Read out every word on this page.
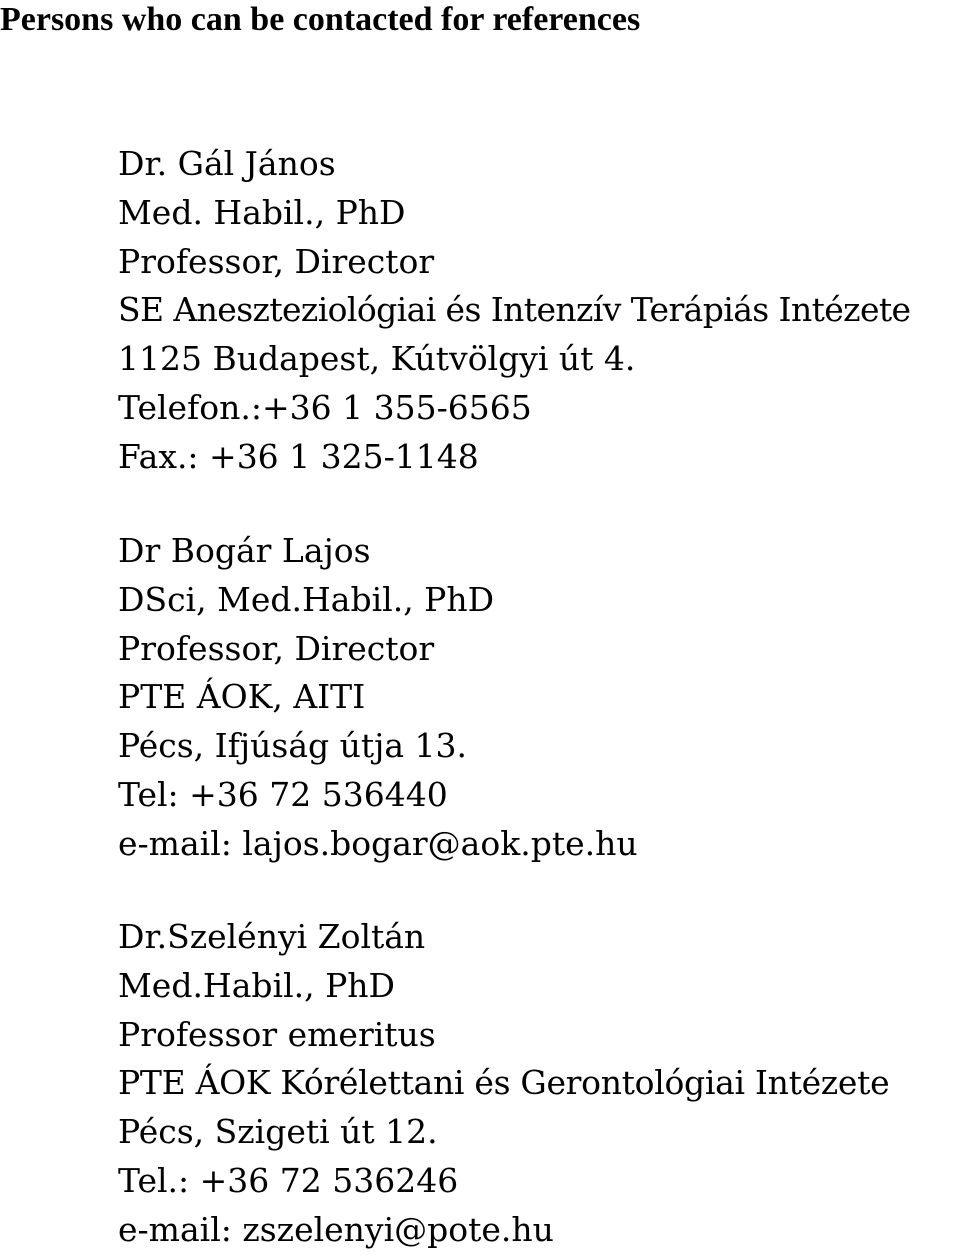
Persons who can be contacted for references
Dr. Gál János
Med. Habil., PhD
Professor, Director
SE Aneszteziológiai és Intenzív Terápiás Intézete
1125 Budapest, Kútvölgyi út 4.
Telefon.:+36 1 355-6565
Fax.: +36 1 325-1148
Dr Bogár Lajos
DSci, Med.Habil., PhD
Professor, Director
PTE ÁOK, AITI
Pécs, Ifjúság útja 13.
Tel: +36 72 536440
e-mail: lajos.bogar@aok.pte.hu
Dr.Szelényi Zoltán
Med.Habil., PhD
Professor emeritus
PTE ÁOK Kórélettani és Gerontológiai Intézete
Pécs, Szigeti út 12.
Tel.: +36 72 536246
e-mail: zszelenyi@pote.hu
